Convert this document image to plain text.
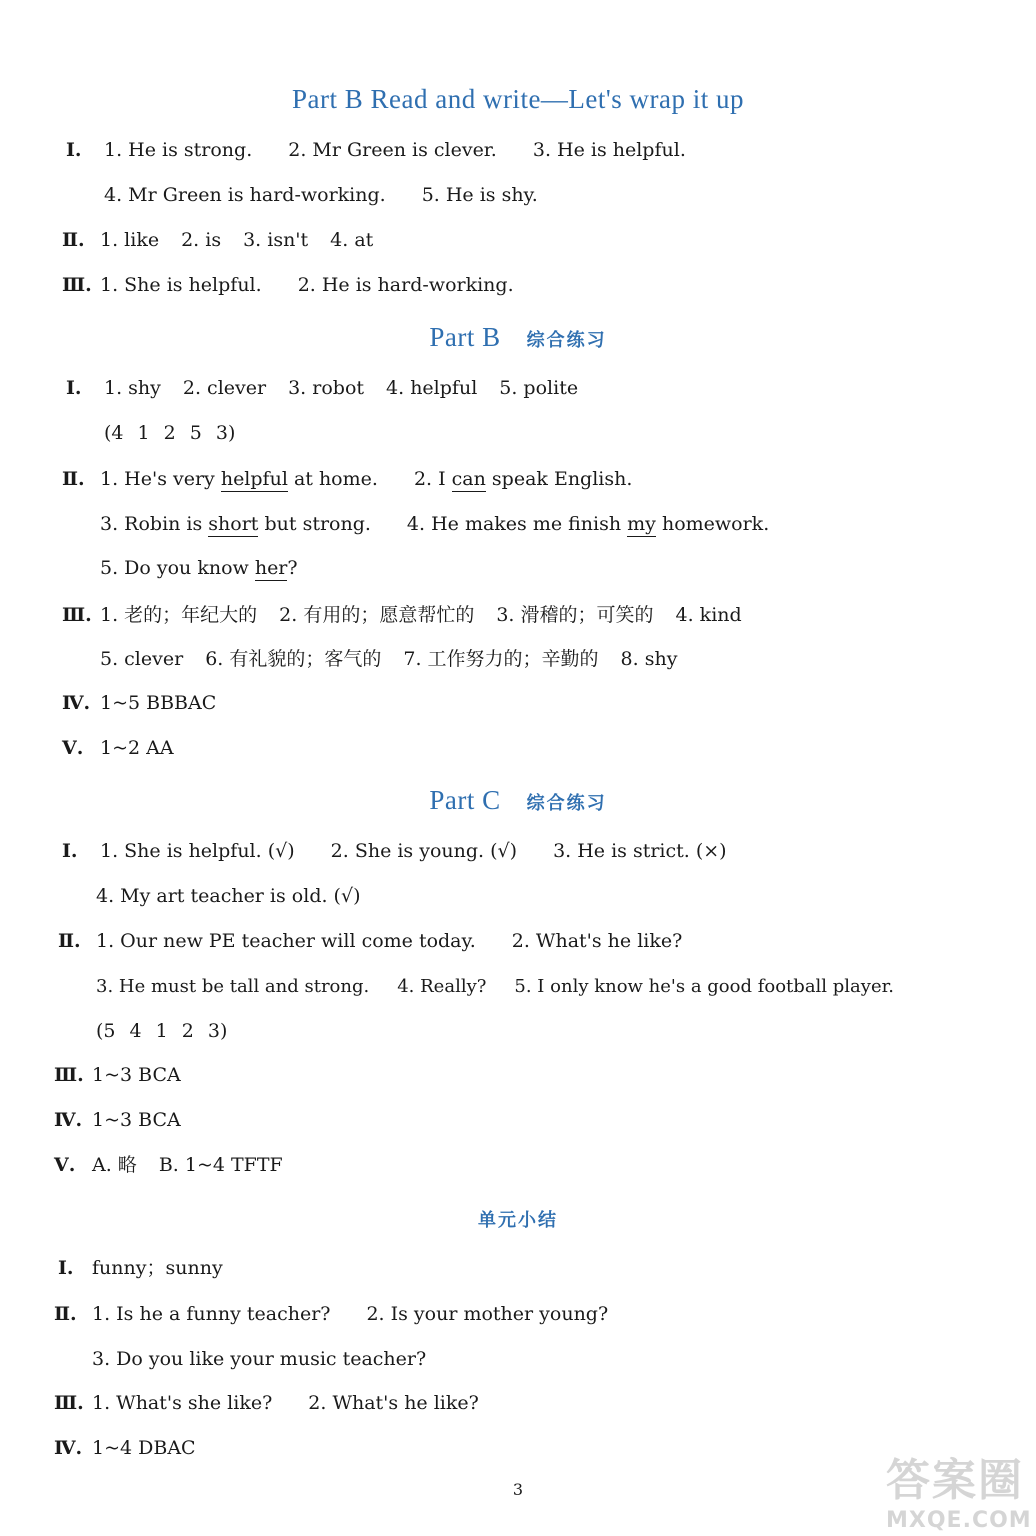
Part B Read and write—Let's wrap it up
Ⅰ. 1. He is strong. 2. Mr Green is clever. 3. He is helpful.
4. Mr Green is hard-working. 5. He is shy.
Ⅱ. 1. like 2. is 3. isn't 4. at
Ⅲ. 1. She is helpful. 2. He is hard-working.
Part B 综合练习
Ⅰ. 1. shy 2. clever 3. robot 4. helpful 5. polite
(4 1 2 5 3)
Ⅱ. 1. He's very helpful at home. 2. I can speak English.
3. Robin is short but strong. 4. He makes me finish my homework.
5. Do you know her?
Ⅲ. 1. 老的；年纪大的 2. 有用的；愿意帮忙的 3. 滑稽的；可笑的 4. kind
5. clever 6. 有礼貌的；客气的 7. 工作努力的；辛勤的 8. shy
Ⅳ. 1~5 BBBAC
Ⅴ. 1~2 AA
Part C 综合练习
Ⅰ. 1. She is helpful. (√) 2. She is young. (√) 3. He is strict. (×)
4. My art teacher is old. (√)
Ⅱ. 1. Our new PE teacher will come today. 2. What's he like?
3. He must be tall and strong. 4. Really? 5. I only know he's a good football player.
(5 4 1 2 3)
Ⅲ. 1~3 BCA
Ⅳ. 1~3 BCA
Ⅴ. A. 略 B. 1~4 TFTF
单元小结
Ⅰ. funny；sunny
Ⅱ. 1. Is he a funny teacher? 2. Is your mother young?
3. Do you like your music teacher?
Ⅲ. 1. What's she like? 2. What's he like?
Ⅳ. 1~4 DBAC
3	答案圈
MXQE.COM
